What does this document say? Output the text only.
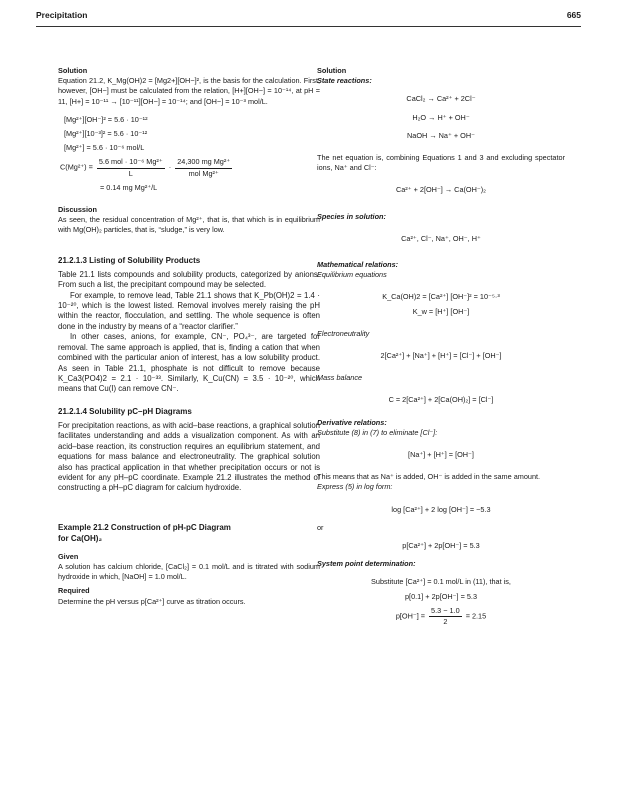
Precipitation	665
Solution

Equation 21.2, K_Mg(OH)2 = [Mg2+][OH−]², is the basis for the calculation. First, however, [OH−] must be calculated from the relation, [H+][OH−] = 10⁻¹⁴, at pH = 11, [H+] = 10⁻¹¹ → [10⁻¹¹][OH−] = 10⁻¹⁴; and [OH−] = 10⁻³ mol/L.

[Mg²⁺][OH⁻]² = 5.6 · 10⁻¹²
[Mg²⁺][10⁻³]² = 5.6 · 10⁻¹²
[Mg²⁺] = 5.6 · 10⁻⁶ mol/L
$C(Mg^{2+}) = \frac{\text{5.6 mol · 10⁻⁶ Mg²⁺}}{L} \cdot \frac{\text{24,300 mg Mg²⁺}}{\text{mol Mg²⁺}}$
= 0.14 mg Mg²⁺/L
Discussion

As seen, the residual concentration of Mg²⁺, that is, that which is in equilibrium with Mg(OH)₂ particles, that is, “sludge,” is very low.

21.2.1.3 Listing of Solubility Products

Table 21.1 lists compounds and solubility products, categorized by anions. From such a list, the precipitant compound may be selected.

For example, to remove lead, Table 21.1 shows that K_Pb(OH)2 = 1.4 · 10⁻²⁰, which is the lowest listed. Removal involves merely raising the pH within the reactor, flocculation, and settling. The whole sequence is often done in the industry by means of a “reactor clarifier.”

In other cases, anions, for example, CN⁻, PO₄³⁻, are targeted for removal. The same approach is applied, that is, finding a cation that when combined with the particular anion of interest, has a low solubility product. As seen in Table 21.1, phosphate is not difficult to remove because K_Ca3(PO4)2 = 2.1 · 10⁻³³. Similarly, K_Cu(CN) = 3.5 · 10⁻²⁰, which means that Cu(I) can remove CN⁻.

21.2.1.4 Solubility pC–pH Diagrams

For precipitation reactions, as with acid–base reactions, a graphical solution facilitates understanding and adds a visualization component. As with an acid–base reaction, its construction requires an equilibrium statement, and equations for mass balance and electroneutrality. The graphical solution also has practical application in that whether precipitation occurs or not is evident for any pH–pC coordinate. Example 21.2 illustrates the method of constructing a pH–pC diagram for calcium hydroxide.

Example 21.2 Construction of pH-pC Diagram
for Ca(OH)₂
Given

A solution has calcium chloride, [CaCl₂] = 0.1 mol/L and is titrated with sodium hydroxide in which, [NaOH] = 1.0 mol/L.

Required

Determine the pH versus p[Ca²⁺] curve as titration occurs.

Solution
State reactions:
CaCl₂ → Ca²⁺ + 2Cl⁻
H₂O → H⁺ + OH⁻
NaOH → Na⁺ + OH⁻

The net equation is, combining Equations 1 and 3 and excluding spectator ions, Na⁺ and Cl⁻:

Ca²⁺ + 2[OH⁻] → Ca(OH⁻)₂
Species in solution:
Ca²⁺, Cl⁻, Na⁺, OH⁻, H⁺
Mathematical relations:
Equilibrium equations
K_Ca(OH)2 = [Ca²⁺] [OH⁻]² = 10⁻⁵·³
K_w = [H⁺] [OH⁻]
Electroneutrality
2[Ca²⁺] + [Na⁺] + [H⁺] = [Cl⁻] + [OH⁻]
Mass balance
C = 2[Ca²⁺] + 2[Ca(OH)₂] = [Cl⁻]
Derivative relations:
Substitute (8) in (7) to eliminate [Cl⁻]:
[Na⁺] + [H⁺] = [OH⁻]

This means that as Na⁺ is added, OH⁻ is added in the same amount.

Express (5) in log form:
log [Ca²⁺] + 2 log [OH⁻] = −5.3
or
p[Ca²⁺] + 2p[OH⁻] = 5.3
System point determination:
Substitute [Ca²⁺] = 0.1 mol/L in (11), that is,
p[0.1] + 2p[OH⁻] = 5.3
$p[OH^-] = \frac{5.3 - 1.0}{2} = 2.15$
